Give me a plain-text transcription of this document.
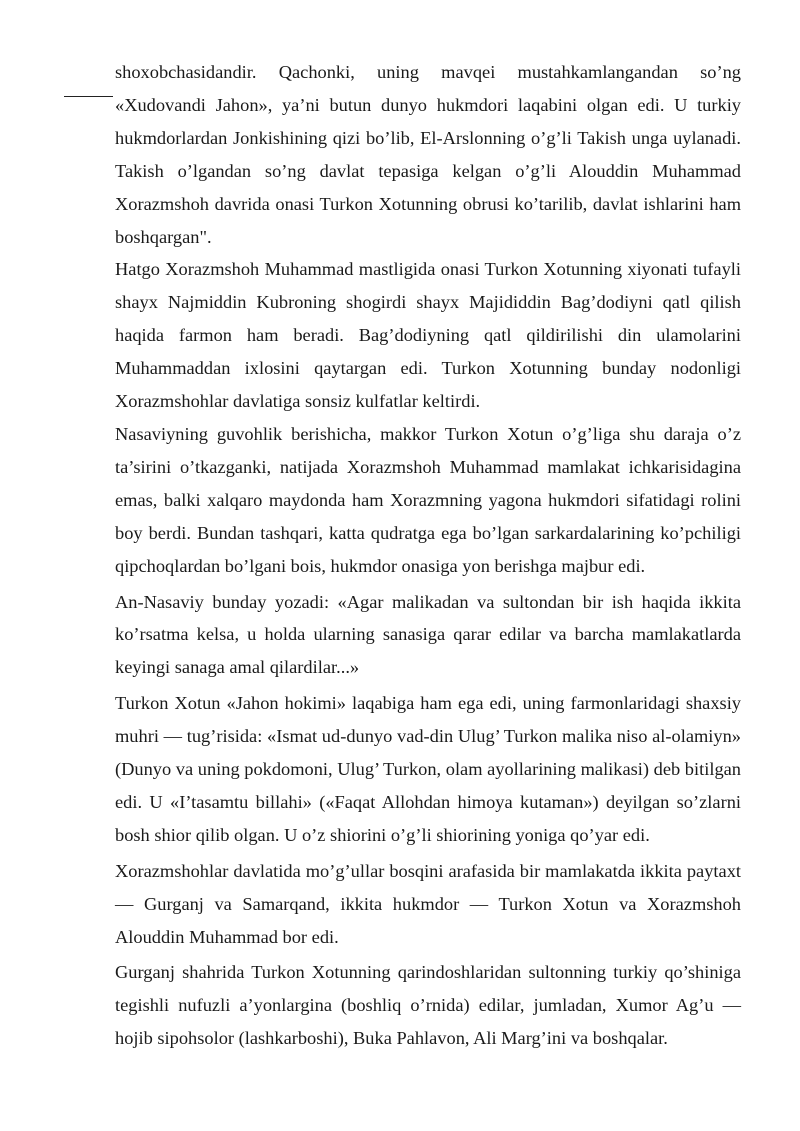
shoxobchasidandir. Qachonki, uning mavqei mustahkamlangandan so’ng «Xudovandi Jahon», ya’ni butun dunyo hukmdori laqabini olgan edi. U turkiy hukmdorlardan Jonkishining qizi bo’lib, El-Arslonning o’g’li Takish unga uylanadi. Takish o’lgandan so’ng davlat tepasiga kelgan o’g’li Alouddin Muhammad Xorazmshoh davrida onasi Turkon Xotunning obrusi ko’tarilib, davlat ishlarini ham boshqargan".

Hatgo Xorazmshoh Muhammad mastligida onasi Turkon Xotunning xiyonati tufayli shayx Najmiddin Kubroning shogirdi shayx Majididdin Bag’dodiyni qatl qilish haqida farmon ham beradi. Bag’dodiyning qatl qildirilishi din ulamolarini Muhammaddan ixlosini qaytargan edi. Turkon Xotunning bunday nodonligi Xorazmshohlar davlatiga sonsiz kulfatlar keltirdi.

Nasaviyning guvohlik berishicha, makkor Turkon Xotun o’g’liga shu daraja o’z ta’sirini o’tkazganki, natijada Xorazmshoh Muhammad mamlakat ichkarisidagina emas, balki xalqaro maydonda ham Xorazmning yagona hukmdori sifatidagi rolini boy berdi. Bundan tashqari, katta qudratga ega bo’lgan sarkardalarining ko’pchiligi qipchoqlardan bo’lgani bois, hukmdor onasiga yon berishga majbur edi.

An-Nasaviy bunday yozadi: «Agar malikadan va sultondan bir ish haqida ikkita ko’rsatma kelsa, u holda ularning sanasiga qarar edilar va barcha mamlakatlarda keyingi sanaga amal qilardilar...»

Turkon Xotun «Jahon hokimi» laqabiga ham ega edi, uning farmonlaridagi shaxsiy muhri — tug’risida: «Ismat ud-dunyo vad-din Ulug’ Turkon malika niso al-olamiyn» (Dunyo va uning pokdomoni, Ulug’ Turkon, olam ayollarining malikasi) deb bitilgan edi. U «I’tasamtu billahi» («Faqat Allohdan himoya kutaman») deyilgan so’zlarni bosh shior qilib olgan. U o’z shiorini o’g’li shiorining yoniga qo’yar edi.

Xorazmshohlar davlatida mo’g’ullar bosqini arafasida bir mamlakatda ikkita paytaxt — Gurganj va Samarqand, ikkita hukmdor — Turkon Xotun va Xorazmshoh Alouddin Muhammad bor edi.

Gurganj shahrida Turkon Xotunning qarindoshlaridan sultonning turkiy qo’shiniga tegishli nufuzli a’yonlargina (boshliq o’rnida) edilar, jumladan, Xumor Ag’u — hojib sipohsolor (lashkarboshi), Buka Pahlavon, Ali Marg’ini va boshqalar.
